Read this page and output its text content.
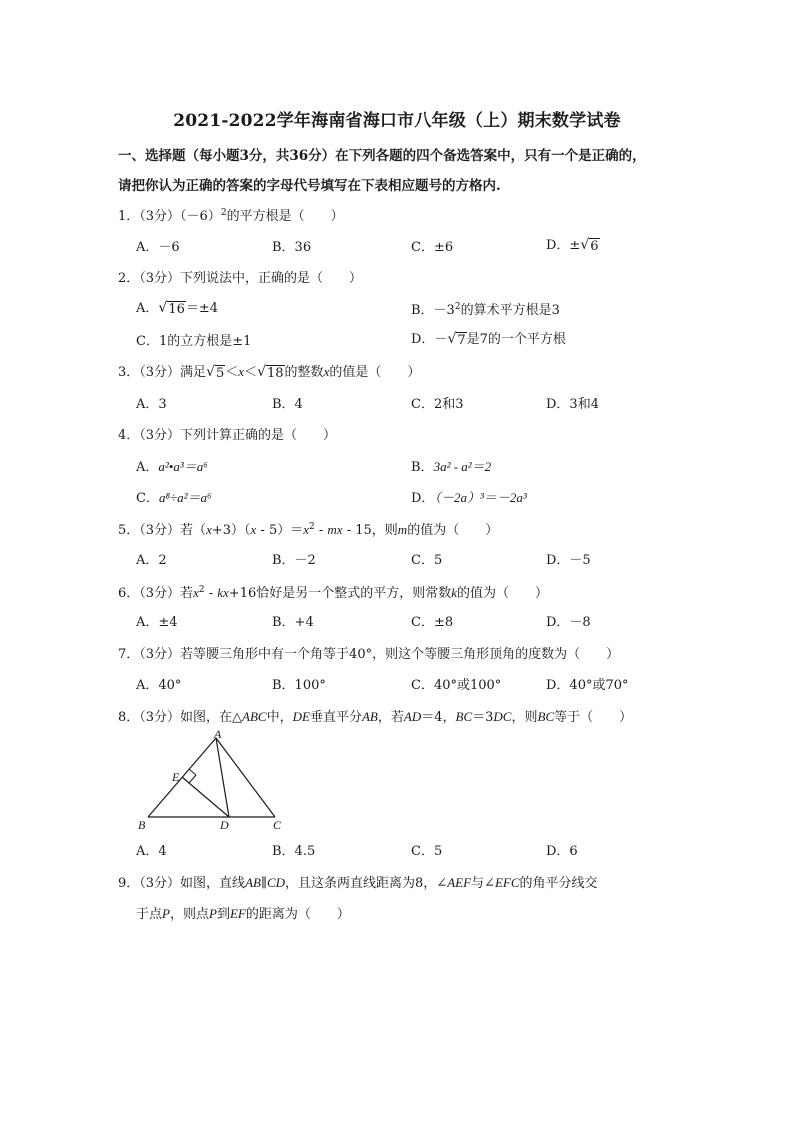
2021-2022学年海南省海口市八年级（上）期末数学试卷
一、选择题（每小题3分，共36分）在下列各题的四个备选答案中，只有一个是正确的，
请把你认为正确的答案的字母代号填写在下表相应题号的方格内.
1．（3分）$(-6)^2$的平方根是（　　）
A．－6	B．36	C．±6	D．± √ 6
2．（3分）下列说法中，正确的是（　　）
A． √ 16 ＝±4	B．$-3^2$的算术平方根是3
C．1的立方根是±1	D．－ √ 7 是7的一个平方根
3．（3分）满足 √ 5 ＜x＜ √ 18 的整数x的值是（　　）
A．3	B．4	C．2和3	D．3和4
4．（3分）下列计算正确的是（　　）
A．a²•a³＝a⁶	B．3a² - a²＝2
C．a⁸÷a²＝a⁶	D．（－2a）³＝－2a³
5．（3分）若$(x+3)(x - 5)=x^2$ - mx - 15，则m的值为（　　）
A．2	B．－2	C．5	D．－5
6．（3分）若$x^2 - kx+16$恰好是另一个整式的平方，则常数k的值为（　　）
A．±4	B．+4	C．±8	D．－8
7．（3分）若等腰三角形中有一个角等于40°，则这个等腰三角形顶角的度数为（　　）
A．40°	B．100°	C．40°或100°	D．40°或70°
8．（3分）如图，在△ABC中，DE垂直平分AB，若AD＝4，BC＝3DC，则BC等于（　　）
A
B	C
D
E
A．4	B．4.5	C．5	D．6
9．（3分）如图，直线AB∥CD，且这条两直线距离为8，∠AEF与∠EFC的角平分线交
于点P，则点P到EF的距离为（　　）
